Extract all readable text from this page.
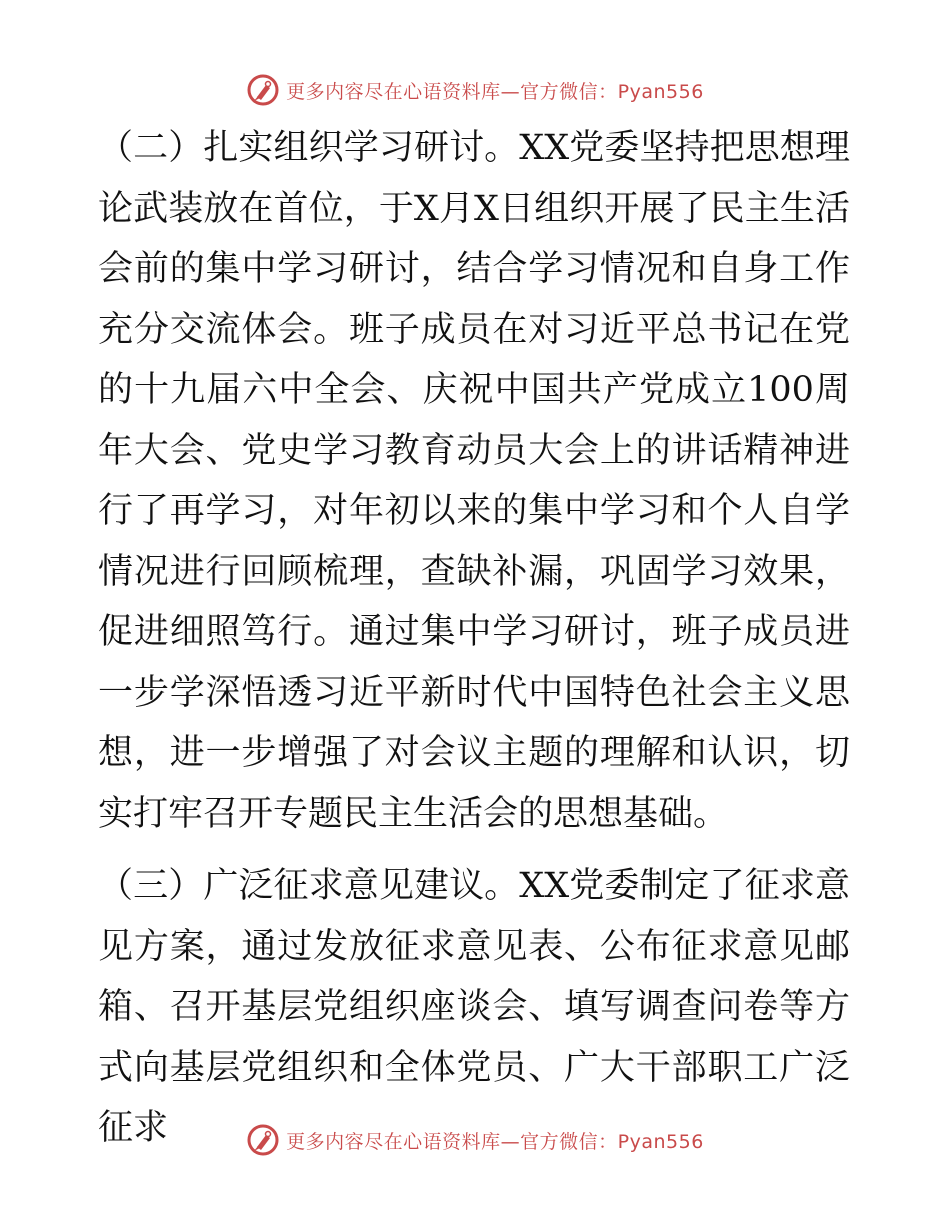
更多内容尽在心语资料库—官方微信：Pyan556

（二）扎实组织学习研讨。XX党委坚持把思想理论武装放在首位，于X月X日组织开展了民主生活会前的集中学习研讨，结合学习情况和自身工作充分交流体会。班子成员在对习近平总书记在党的十九届六中全会、庆祝中国共产党成立100周年大会、党史学习教育动员大会上的讲话精神进行了再学习，对年初以来的集中学习和个人自学情况进行回顾梳理，查缺补漏，巩固学习效果，促进细照笃行。通过集中学习研讨，班子成员进一步学深悟透习近平新时代中国特色社会主义思想，进一步增强了对会议主题的理解和认识，切实打牢召开专题民主生活会的思想基础。

（三）广泛征求意见建议。XX党委制定了征求意见方案，通过发放征求意见表、公布征求意见邮箱、召开基层党组织座谈会、填写调查问卷等方式向基层党组织和全体党员、广大干部职工广泛征求	更多内容尽在心语资料库—官方微信：Pyan556
